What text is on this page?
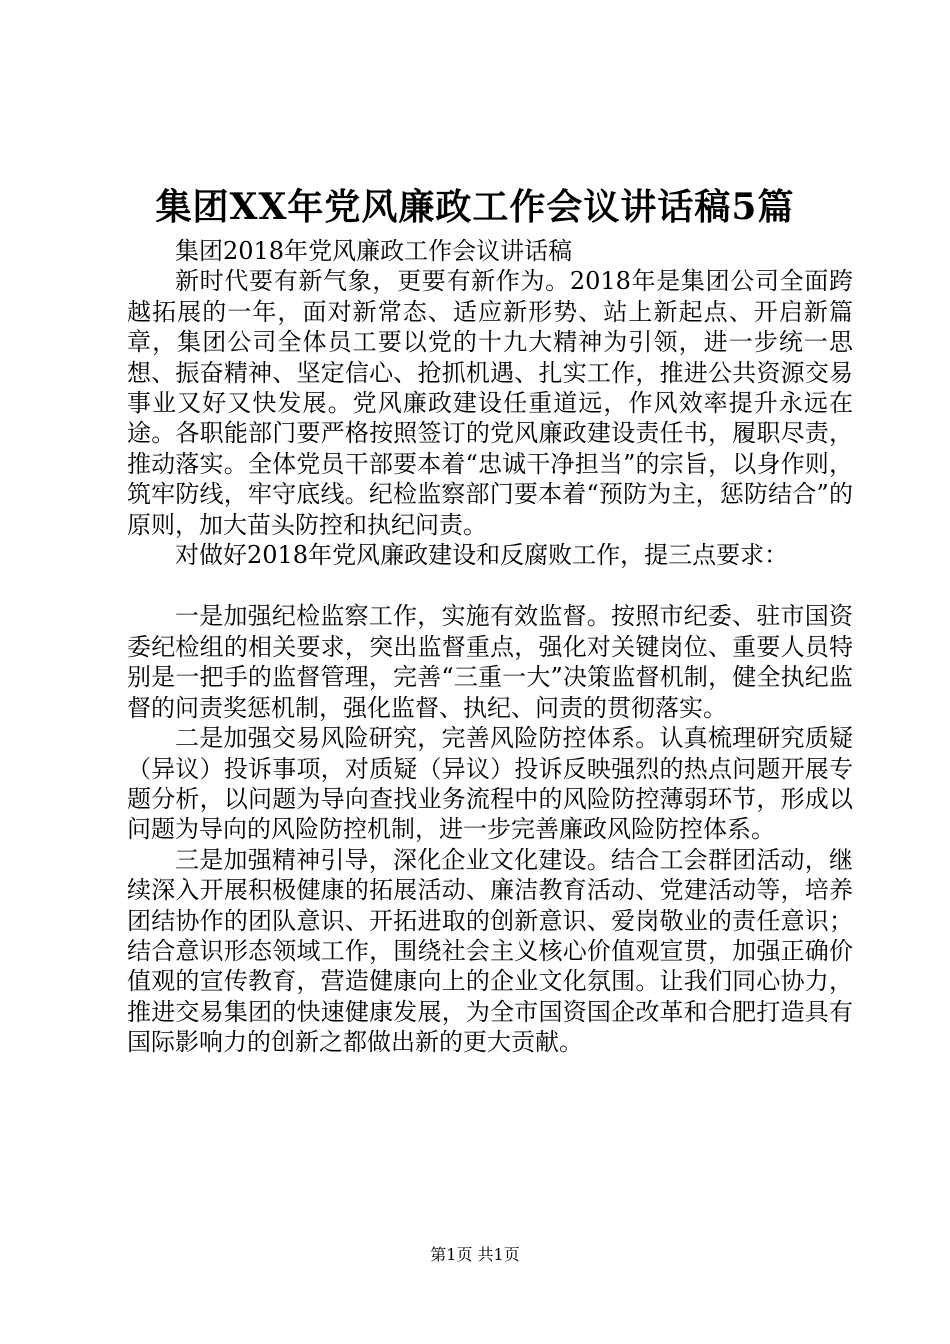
集团XX年党风廉政工作会议讲话稿5篇

集团2018年党风廉政工作会议讲话稿

新时代要有新气象，更要有新作为。2018年是集团公司全面跨越拓展的一年，面对新常态、适应新形势、站上新起点、开启新篇章，集团公司全体员工要以党的十九大精神为引领，进一步统一思想、振奋精神、坚定信心、抢抓机遇、扎实工作，推进公共资源交易事业又好又快发展。党风廉政建设任重道远，作风效率提升永远在途。各职能部门要严格按照签订的党风廉政建设责任书，履职尽责，推动落实。全体党员干部要本着“忠诚干净担当”的宗旨，以身作则，筑牢防线，牢守底线。纪检监察部门要本着“预防为主，惩防结合”的原则，加大苗头防控和执纪问责。

对做好2018年党风廉政建设和反腐败工作，提三点要求：

一是加强纪检监察工作，实施有效监督。按照市纪委、驻市国资委纪检组的相关要求，突出监督重点，强化对关键岗位、重要人员特别是一把手的监督管理，完善“三重一大”决策监督机制，健全执纪监督的问责奖惩机制，强化监督、执纪、问责的贯彻落实。

二是加强交易风险研究，完善风险防控体系。认真梳理研究质疑（异议）投诉事项，对质疑（异议）投诉反映强烈的热点问题开展专题分析，以问题为导向查找业务流程中的风险防控薄弱环节，形成以问题为导向的风险防控机制，进一步完善廉政风险防控体系。

三是加强精神引导，深化企业文化建设。结合工会群团活动，继续深入开展积极健康的拓展活动、廉洁教育活动、党建活动等，培养团结协作的团队意识、开拓进取的创新意识、爱岗敬业的责任意识；结合意识形态领域工作，围绕社会主义核心价值观宣贯，加强正确价值观的宣传教育，营造健康向上的企业文化氛围。让我们同心协力，推进交易集团的快速健康发展，为全市国资国企改革和合肥打造具有国际影响力的创新之都做出新的更大贡献。

第1页 共1页
